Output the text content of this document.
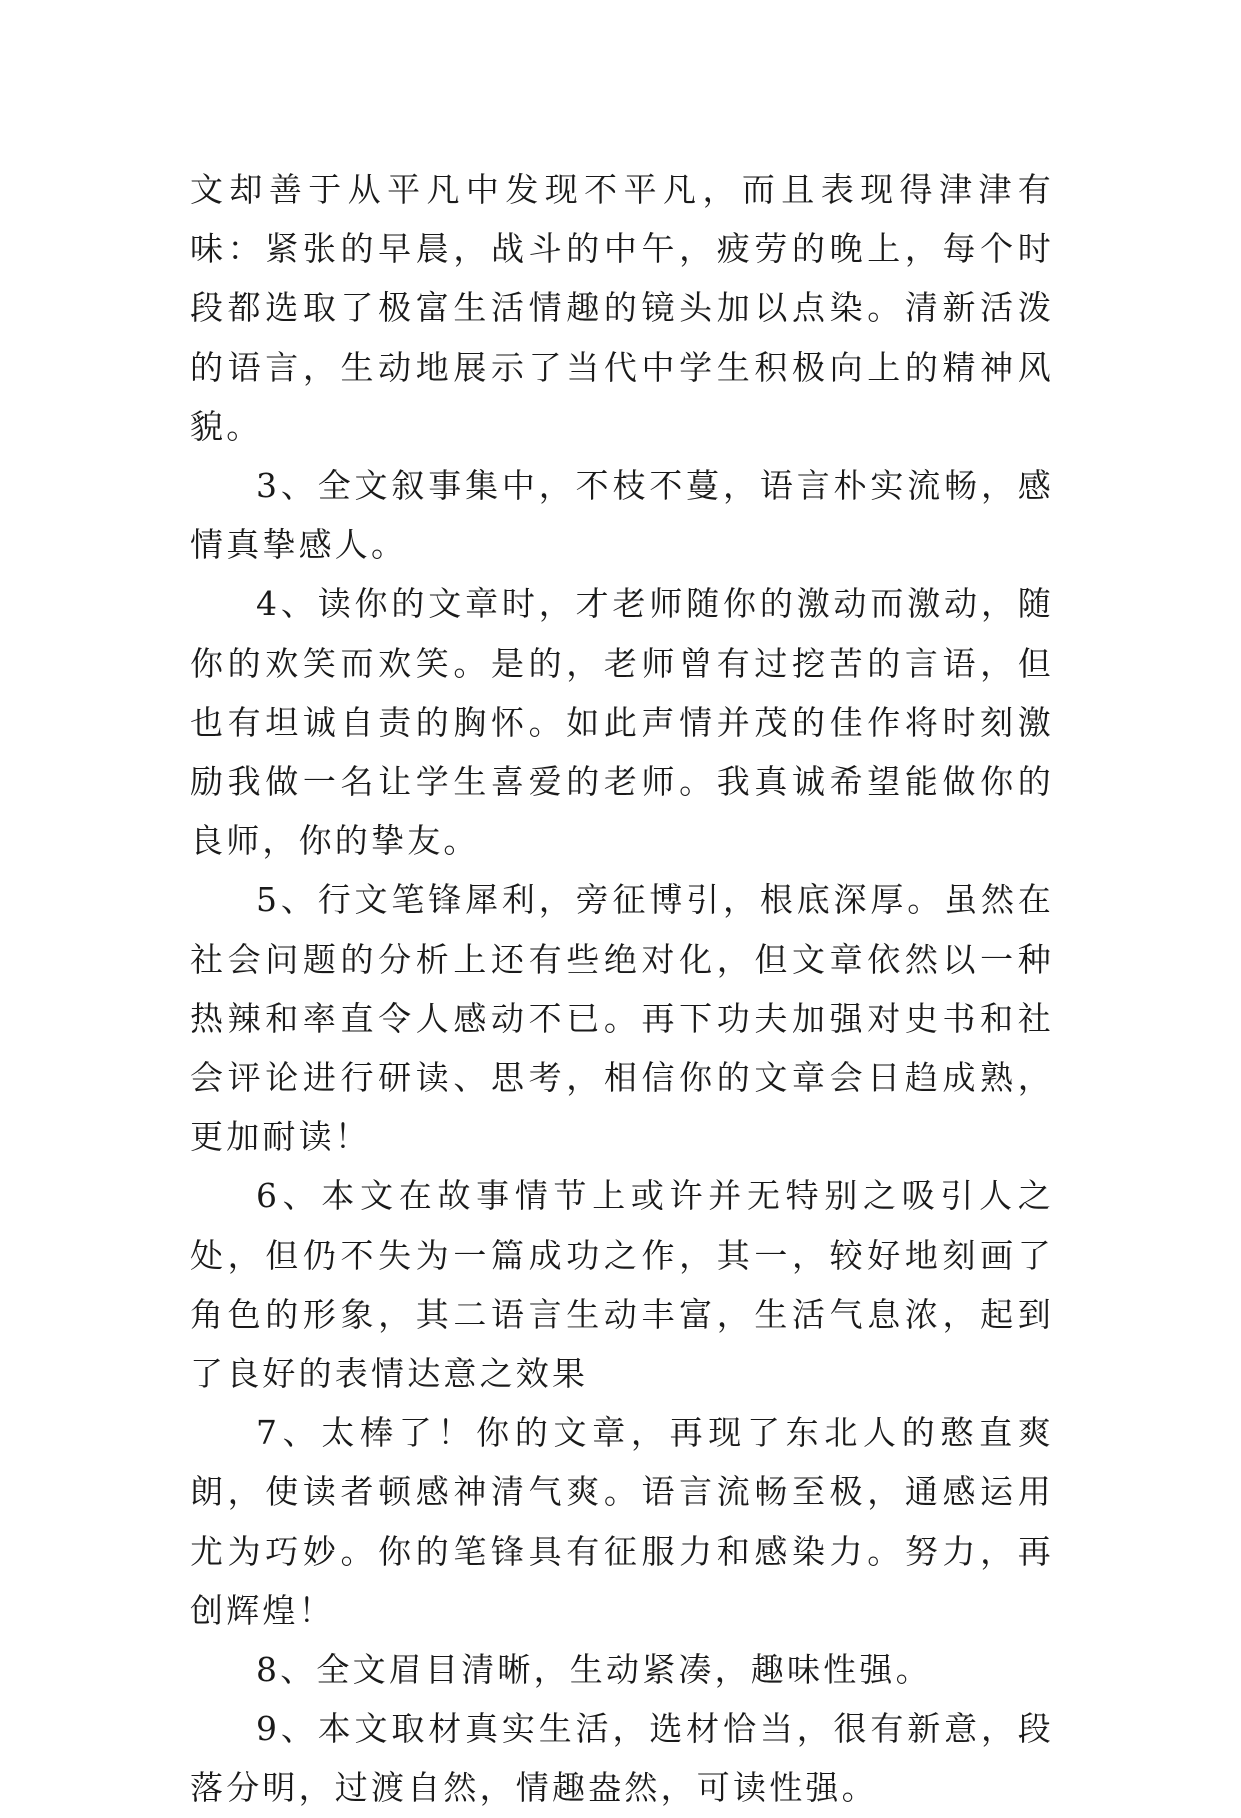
文却善于从平凡中发现不平凡，而且表现得津津有味：紧张的早晨，战斗的中午，疲劳的晚上，每个时段都选取了极富生活情趣的镜头加以点染。清新活泼的语言，生动地展示了当代中学生积极向上的精神风貌。

3、全文叙事集中，不枝不蔓，语言朴实流畅，感情真挚感人。

4、读你的文章时，才老师随你的激动而激动，随你的欢笑而欢笑。是的，老师曾有过挖苦的言语，但也有坦诚自责的胸怀。如此声情并茂的佳作将时刻激励我做一名让学生喜爱的老师。我真诚希望能做你的良师，你的挚友。

5、行文笔锋犀利，旁征博引，根底深厚。虽然在社会问题的分析上还有些绝对化，但文章依然以一种热辣和率直令人感动不已。再下功夫加强对史书和社会评论进行研读、思考，相信你的文章会日趋成熟，更加耐读！

6、本文在故事情节上或许并无特别之吸引人之处，但仍不失为一篇成功之作，其一，较好地刻画了角色的形象，其二语言生动丰富，生活气息浓，起到了良好的表情达意之效果

7、太棒了！你的文章，再现了东北人的憨直爽朗，使读者顿感神清气爽。语言流畅至极，通感运用尤为巧妙。你的笔锋具有征服力和感染力。努力，再创辉煌！

8、全文眉目清晰，生动紧凑，趣味性强。

9、本文取材真实生活，选材恰当，很有新意，段落分明，过渡自然，情趣盎然，可读性强。
